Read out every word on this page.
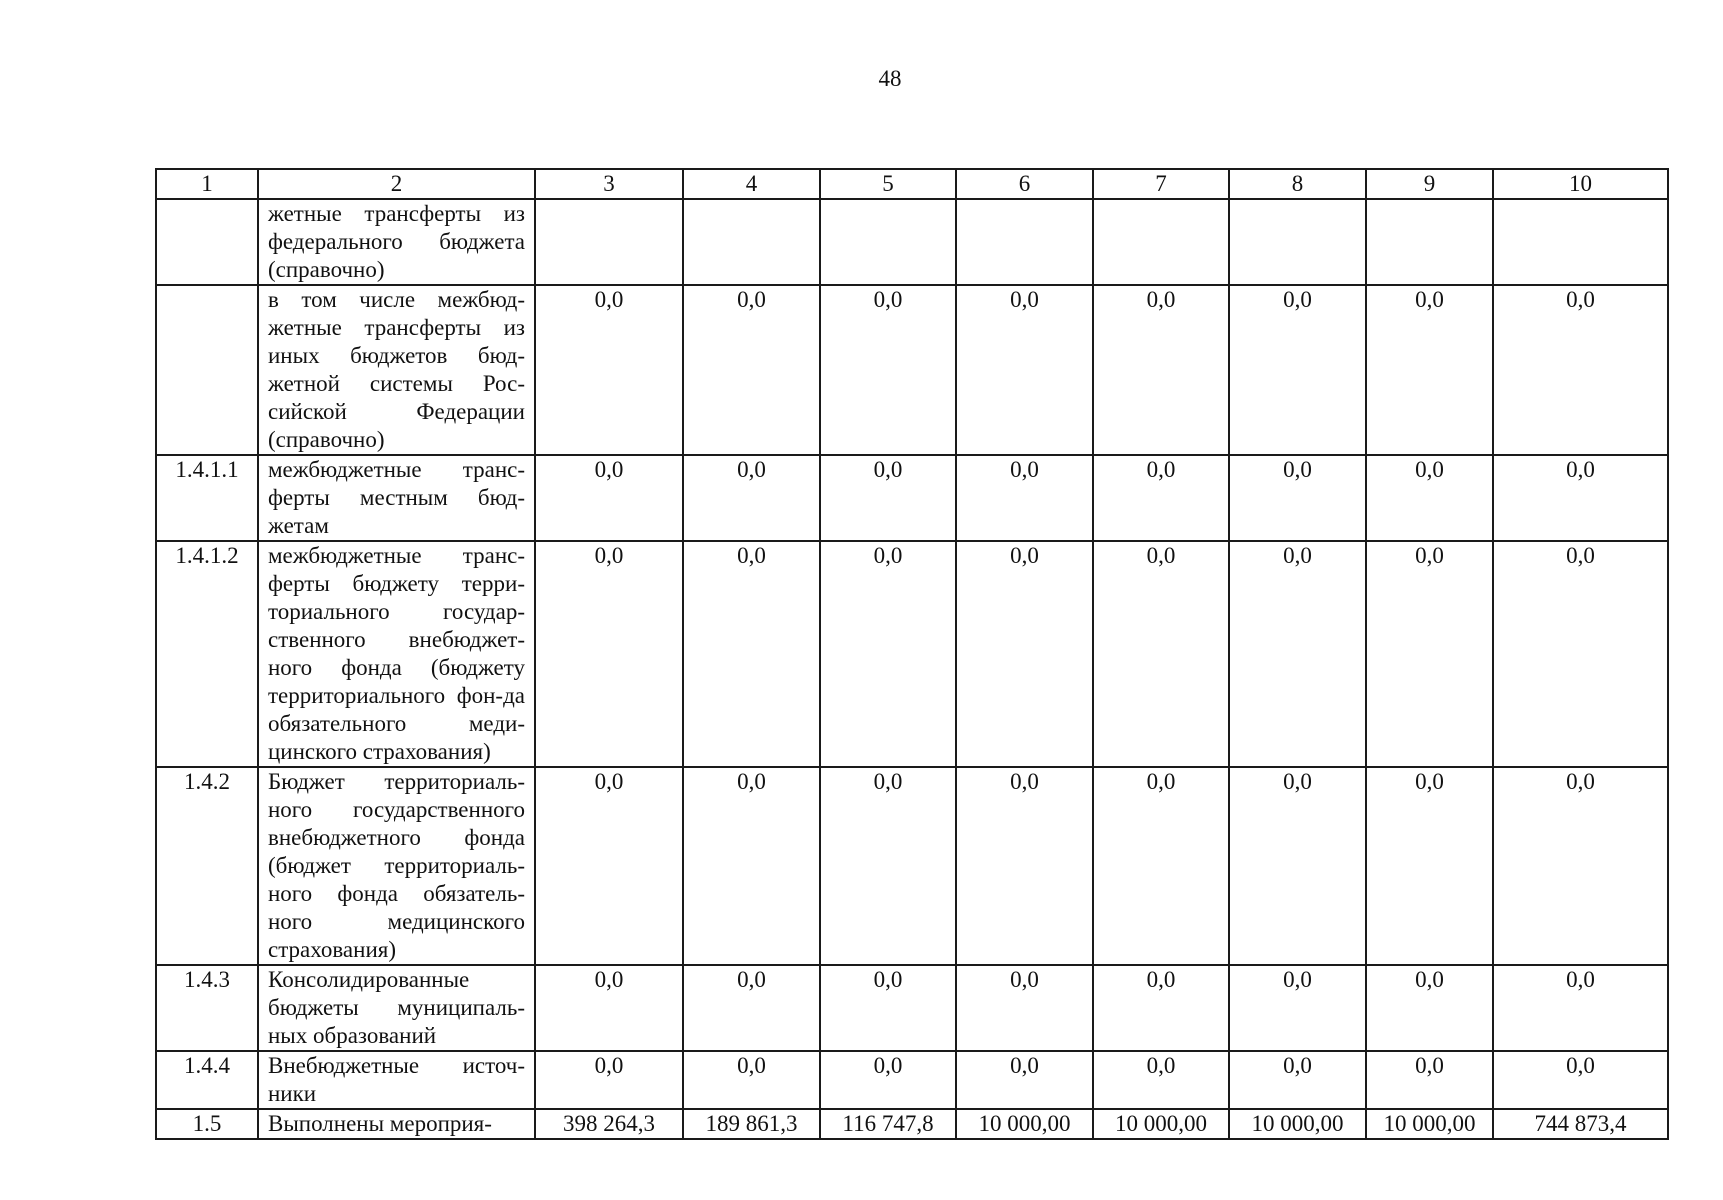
48
1	2	3	4	5	6	7	8	9	10
	жетные трансферты из федерального бюджета (справочно)								
	в том числе межбюд-жетные трансферты из иных бюджетов бюд-жетной системы Рос-сийской Федерации (справочно)	0,0	0,0	0,0	0,0	0,0	0,0	0,0	0,0
1.4.1.1	межбюджетные транс-ферты местным бюд-жетам	0,0	0,0	0,0	0,0	0,0	0,0	0,0	0,0
1.4.1.2	межбюджетные транс-ферты бюджету терри-ториального государ-ственного внебюджет-ного фонда (бюджету территориального фон-да обязательного меди-цинского страхования)	0,0	0,0	0,0	0,0	0,0	0,0	0,0	0,0
1.4.2	Бюджет территориаль-ного государственного внебюджетного фонда (бюджет территориаль-ного фонда обязатель-ного медицинского страхования)	0,0	0,0	0,0	0,0	0,0	0,0	0,0	0,0
1.4.3	Консолидированные бюджеты муниципаль-ных образований	0,0	0,0	0,0	0,0	0,0	0,0	0,0	0,0
1.4.4	Внебюджетные источ-ники	0,0	0,0	0,0	0,0	0,0	0,0	0,0	0,0
1.5	Выполнены мероприя-	398 264,3	189 861,3	116 747,8	10 000,00	10 000,00	10 000,00	10 000,00	744 873,4
